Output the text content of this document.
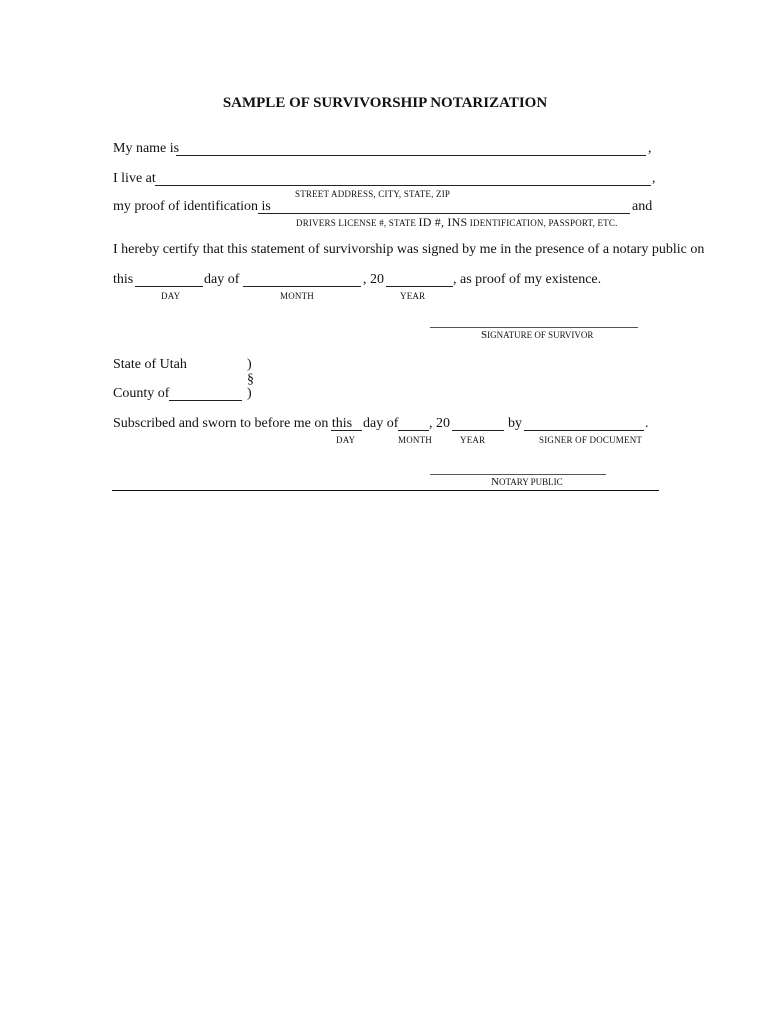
SAMPLE OF SURVIVORSHIP NOTARIZATION
My name is	,
I live at	,
STREET ADDRESS, CITY, STATE, ZIP
my proof of identification is	and
DRIVERS LICENSE #, STATE ID #, INS IDENTIFICATION, PASSPORT, ETC.
I hereby certify that this statement of survivorship was signed by me in the presence of a notary public on
this	day of	, 20	, as proof of my existence.
DAY	MONTH	YEAR
SIGNATURE OF SURVIVOR
State of Utah	)
§
County of	)
Subscribed and sworn to before me on this day of , 20	by	.
DAY	MONTH	YEAR	SIGNER OF DOCUMENT
NOTARY PUBLIC
